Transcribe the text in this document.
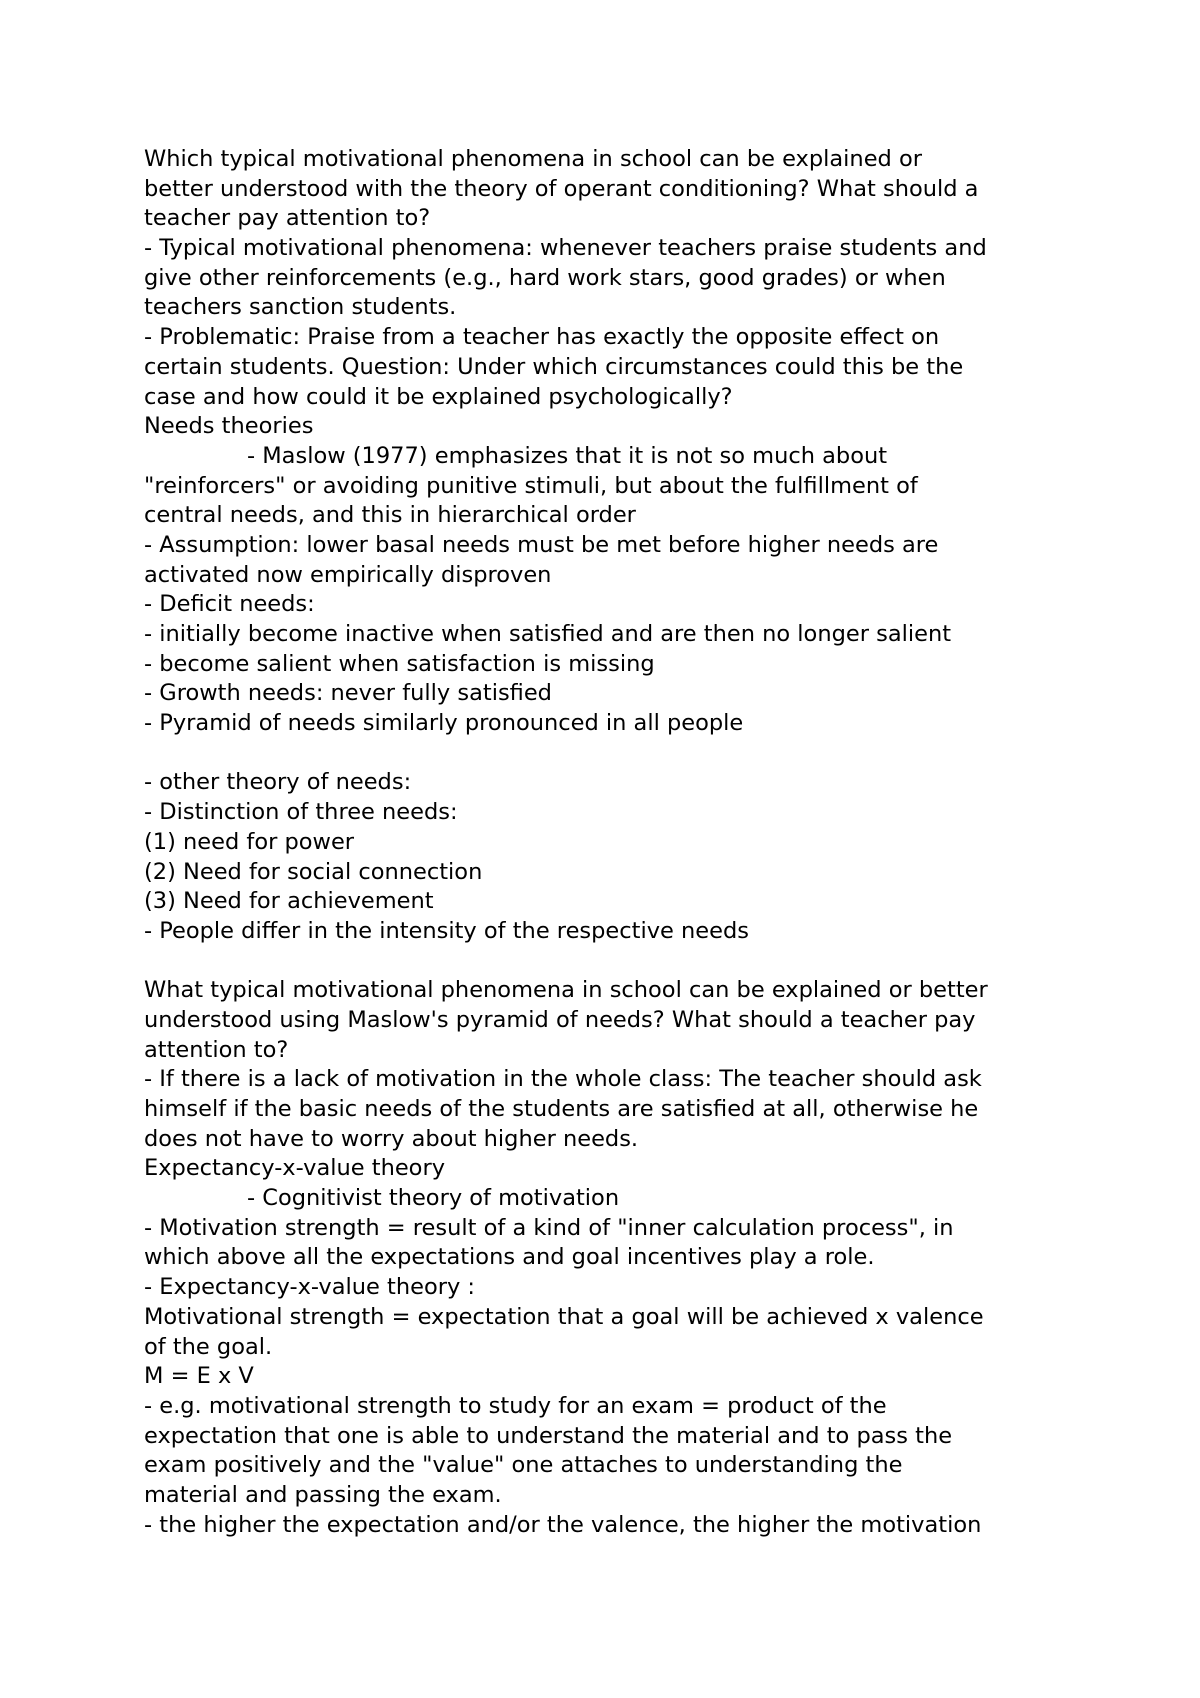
Which typical motivational phenomena in school can be explained or
better understood with the theory of operant conditioning? What should a
teacher pay attention to?
- Typical motivational phenomena: whenever teachers praise students and
give other reinforcements (e.g., hard work stars, good grades) or when
teachers sanction students.
- Problematic: Praise from a teacher has exactly the opposite effect on
certain students. Question: Under which circumstances could this be the
case and how could it be explained psychologically?
Needs theories
- Maslow (1977) emphasizes that it is not so much about
"reinforcers" or avoiding punitive stimuli, but about the fulfillment of
central needs, and this in hierarchical order
- Assumption: lower basal needs must be met before higher needs are
activated now empirically disproven
- Deficit needs:
- initially become inactive when satisfied and are then no longer salient
- become salient when satisfaction is missing
- Growth needs: never fully satisfied
- Pyramid of needs similarly pronounced in all people
- other theory of needs:
- Distinction of three needs:
(1) need for power
(2) Need for social connection
(3) Need for achievement
- People differ in the intensity of the respective needs
What typical motivational phenomena in school can be explained or better
understood using Maslow's pyramid of needs? What should a teacher pay
attention to?
- If there is a lack of motivation in the whole class: The teacher should ask
himself if the basic needs of the students are satisfied at all, otherwise he
does not have to worry about higher needs.
Expectancy-x-value theory
- Cognitivist theory of motivation
- Motivation strength = result of a kind of "inner calculation process", in
which above all the expectations and goal incentives play a role.
- Expectancy-x-value theory :
Motivational strength = expectation that a goal will be achieved x valence
of the goal.
M = E x V
- e.g. motivational strength to study for an exam = product of the
expectation that one is able to understand the material and to pass the
exam positively and the "value" one attaches to understanding the
material and passing the exam.
- the higher the expectation and/or the valence, the higher the motivation
